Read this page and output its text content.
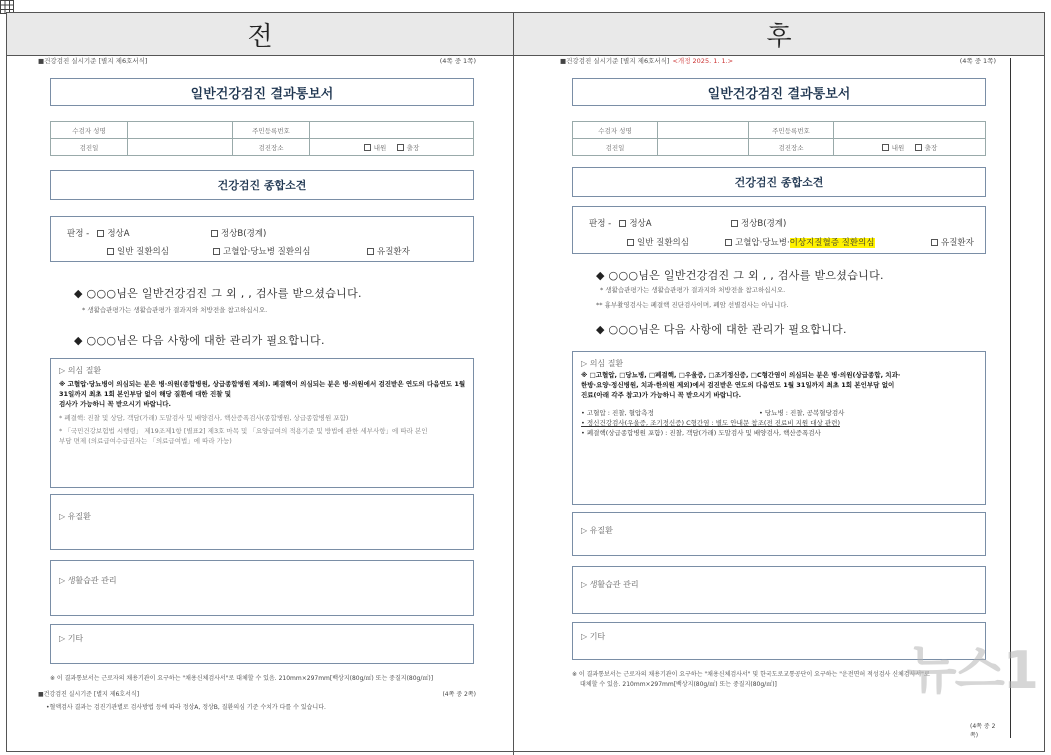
전	후
■건강검진 실시기준 [별지 제6호서식]	(4쪽 중 1쪽)
일반건강검진 결과통보서
수검자 성명		주민등록번호	
검진일		검진장소	내원 출장
건강검진 종합소견
판정 - 정상A	정상B(경계)
일반 질환의심	고혈압·당뇨병 질환의심	유질환자
◆ ○○○님은 일반건강검진 그 외 , , 검사를 받으셨습니다.
* 생활습관평가는 생활습관평가 결과지와 처방전을 참고하십시오.
◆ ○○○님은 다음 사항에 대한 관리가 필요합니다.
▷ 의심 질환
※ 고혈압·당뇨병이 의심되는 분은 병·의원(종합병원, 상급종합병원 제외). 폐결핵이 의심되는 분은 병·의원에서 검진받은 연도의 다음연도 1월 31일까지 최초 1회 본인부담 없이 해당 질환에 대한 진찰 및
검사가 가능하니 꼭 받으시기 바랍니다.
* 폐결핵: 진찰 및 상담, 객담(가래) 도말검사 및 배양검사, 핵산증폭검사(종합병원, 상급종합병원 포함)
* 「국민건강보험법 시행령」 제19조제1항 [별표2] 제3호 마목 및 「요양급여의 적용기준 및 방법에 관한 세부사항」에 따라 본인
부담 면제 (의료급여수급권자는 「의료급여법」에 따라 가능)
▷ 유질환
▷ 생활습관 관리
▷ 기타
※ 이 결과통보서는 근로자의 채용기관이 요구하는 "채용신체검사서"로 대체할 수 있음. 210mm×297mm[백상지(80g/㎡) 또는 중질지(80g/㎡)]
■건강검진 실시기준 [별지 제6호서식]	(4쪽 중 2쪽)
•혈액검사 결과는 검진기관별로 검사방법 등에 따라 정상A, 정상B, 질환의심 기준 수치가 다를 수 있습니다.
■건강검진 실시기준 [별지 제6호서식] <개정 2025. 1. 1.>	(4쪽 중 1쪽)
일반건강검진 결과통보서
수검자 성명		주민등록번호	
검진일		검진장소	내원 출장
건강검진 종합소견
판정 - 정상A	정상B(경계)
일반 질환의심	고혈압·당뇨병·이상지질혈증 질환의심	유질환자
◆ ○○○님은 일반건강검진 그 외 , , 검사를 받으셨습니다.
* 생활습관평가는 생활습관평가 결과지와 처방전을 참고하십시오.
** 흉부촬영검사는 폐결핵 진단검사이며, 폐암 선별검사는 아닙니다.
◆ ○○○님은 다음 사항에 대한 관리가 필요합니다.
▷ 의심 질환
※ □고혈압, □당뇨병, □폐결핵, □우울증, □조기정신증, □C형간염이 의심되는 분은 병·의원(상급종합, 치과·
한방·요양·정신병원, 치과·한의원 제외)에서 검진받은 연도의 다음연도 1월 31일까지 최초 1회 본인부담 없이
진료(아래 각주 참고)가 가능하니 꼭 받으시기 바랍니다.
• 고혈압 : 진찰, 혈압측정	• 당뇨병 : 진찰, 공복혈당검사
• 정신건강검사(우울증, 조기정신증) C형간염 : 별도 안내문 참조(전 진료비 지원 대상 관련)
• 폐결핵(상급종합병원 포함) : 진찰, 객담(가래) 도말검사 및 배양검사, 핵산증폭검사
▷ 유질환
▷ 생활습관 관리
▷ 기타
※ 이 결과통보서는 근로자의 채용기관이 요구하는 "채용신체검사서" 및 한국도로교통공단이 요구하는 "운전면허 적성검사 신체검사서"로
대체할 수 있음. 210mm×297mm[백상지(80g/㎡) 또는 중질지(80g/㎡)]
(4쪽 중 2쪽)
뉴스1
